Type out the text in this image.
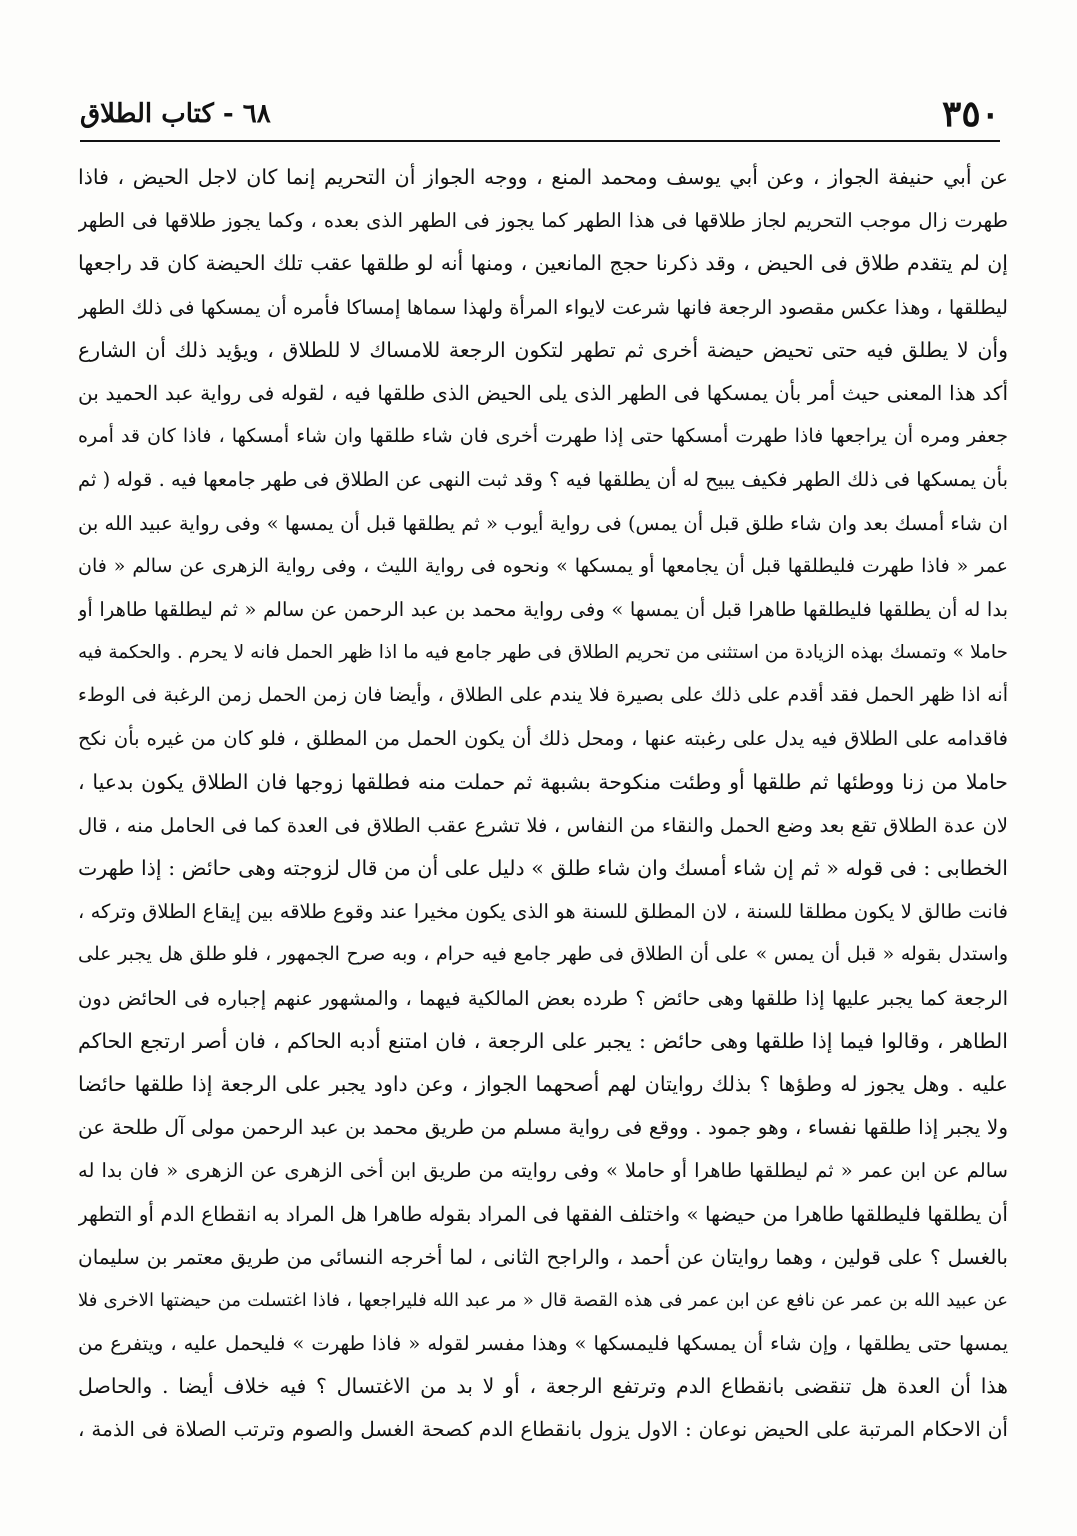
٣٥٠
٦٨ - كتاب الطلاق
عن أبي حنيفة الجواز ، وعن أبي يوسف ومحمد المنع ، ووجه الجواز أن التحريم إنما كان لاجل الحيض ، فاذا
طهرت زال موجب التحريم لجاز طلاقها فى هذا الطهر كما يجوز فى الطهر الذى بعده ، وكما يجوز طلاقها فى الطهر
إن لم يتقدم طلاق فى الحيض ، وقد ذكرنا حجج المانعين ، ومنها أنه لو طلقها عقب تلك الحيضة كان قد راجعها
ليطلقها ، وهذا عكس مقصود الرجعة فانها شرعت لايواء المرأة ولهذا سماها إمساكا فأمره أن يمسكها فى ذلك الطهر
وأن لا يطلق فيه حتى تحيض حيضة أخرى ثم تطهر لتكون الرجعة للامساك لا للطلاق ، ويؤيد ذلك أن الشارع
أكد هذا المعنى حيث أمر بأن يمسكها فى الطهر الذى يلى الحيض الذى طلقها فيه ، لقوله فى رواية عبد الحميد بن
جعفر ومره أن يراجعها فاذا طهرت أمسكها حتى إذا طهرت أخرى فان شاء طلقها وان شاء أمسكها ، فاذا كان قد أمره
بأن يمسكها فى ذلك الطهر فكيف يبيح له أن يطلقها فيه ؟ وقد ثبت النهى عن الطلاق فى طهر جامعها فيه . قوله ( ثم
ان شاء أمسك بعد وان شاء طلق قبل أن يمس) فى رواية أيوب « ثم يطلقها قبل أن يمسها » وفى رواية عبيد الله بن
عمر « فاذا طهرت فليطلقها قبل أن يجامعها أو يمسكها » ونحوه فى رواية الليث ، وفى رواية الزهرى عن سالم « فان
بدا له أن يطلقها فليطلقها طاهرا قبل أن يمسها » وفى رواية محمد بن عبد الرحمن عن سالم « ثم ليطلقها طاهرا أو
حاملا » وتمسك بهذه الزيادة من استثنى من تحريم الطلاق فى طهر جامع فيه ما اذا ظهر الحمل فانه لا يحرم . والحكمة فيه
أنه اذا ظهر الحمل فقد أقدم على ذلك على بصيرة فلا يندم على الطلاق ، وأيضا فان زمن الحمل زمن الرغبة فى الوطء
فاقدامه على الطلاق فيه يدل على رغبته عنها ، ومحل ذلك أن يكون الحمل من المطلق ، فلو كان من غيره بأن نكح
حاملا من زنا ووطئها ثم طلقها أو وطئت منكوحة بشبهة ثم حملت منه فطلقها زوجها فان الطلاق يكون بدعيا ،
لان عدة الطلاق تقع بعد وضع الحمل والنقاء من النفاس ، فلا تشرع عقب الطلاق فى العدة كما فى الحامل منه ، قال
الخطابى : فى قوله « ثم إن شاء أمسك وان شاء طلق » دليل على أن من قال لزوجته وهى حائض : إذا طهرت
فانت طالق لا يكون مطلقا للسنة ، لان المطلق للسنة هو الذى يكون مخيرا عند وقوع طلاقه بين إيقاع الطلاق وتركه ،
واستدل بقوله « قبل أن يمس » على أن الطلاق فى طهر جامع فيه حرام ، وبه صرح الجمهور ، فلو طلق هل يجبر على
الرجعة كما يجبر عليها إذا طلقها وهى حائض ؟ طرده بعض المالكية فيهما ، والمشهور عنهم إجباره فى الحائض دون
الطاهر ، وقالوا فيما إذا طلقها وهى حائض : يجبر على الرجعة ، فان امتنع أدبه الحاكم ، فان أصر ارتجع الحاكم
عليه . وهل يجوز له وطؤها ؟ بذلك روايتان لهم أصحهما الجواز ، وعن داود يجبر على الرجعة إذا طلقها حائضا
ولا يجبر إذا طلقها نفساء ، وهو جمود . ووقع فى رواية مسلم من طريق محمد بن عبد الرحمن مولى آل طلحة عن
سالم عن ابن عمر « ثم ليطلقها طاهرا أو حاملا » وفى روايته من طريق ابن أخى الزهرى عن الزهرى « فان بدا له
أن يطلقها فليطلقها طاهرا من حيضها » واختلف الفقها فى المراد بقوله طاهرا هل المراد به انقطاع الدم أو التطهر
بالغسل ؟ على قولين ، وهما روايتان عن أحمد ، والراجح الثانى ، لما أخرجه النسائى من طريق معتمر بن سليمان
عن عبيد الله بن عمر عن نافع عن ابن عمر فى هذه القصة قال « مر عبد الله فليراجعها ، فاذا اغتسلت من حيضتها الاخرى فلا
يمسها حتى يطلقها ، وإن شاء أن يمسكها فليمسكها » وهذا مفسر لقوله « فاذا طهرت » فليحمل عليه ، ويتفرع من
هذا أن العدة هل تنقضى بانقطاع الدم وترتفع الرجعة ، أو لا بد من الاغتسال ؟ فيه خلاف أيضا . والحاصل
أن الاحكام المرتبة على الحيض نوعان : الاول يزول بانقطاع الدم كصحة الغسل والصوم وترتب الصلاة فى الذمة ،
